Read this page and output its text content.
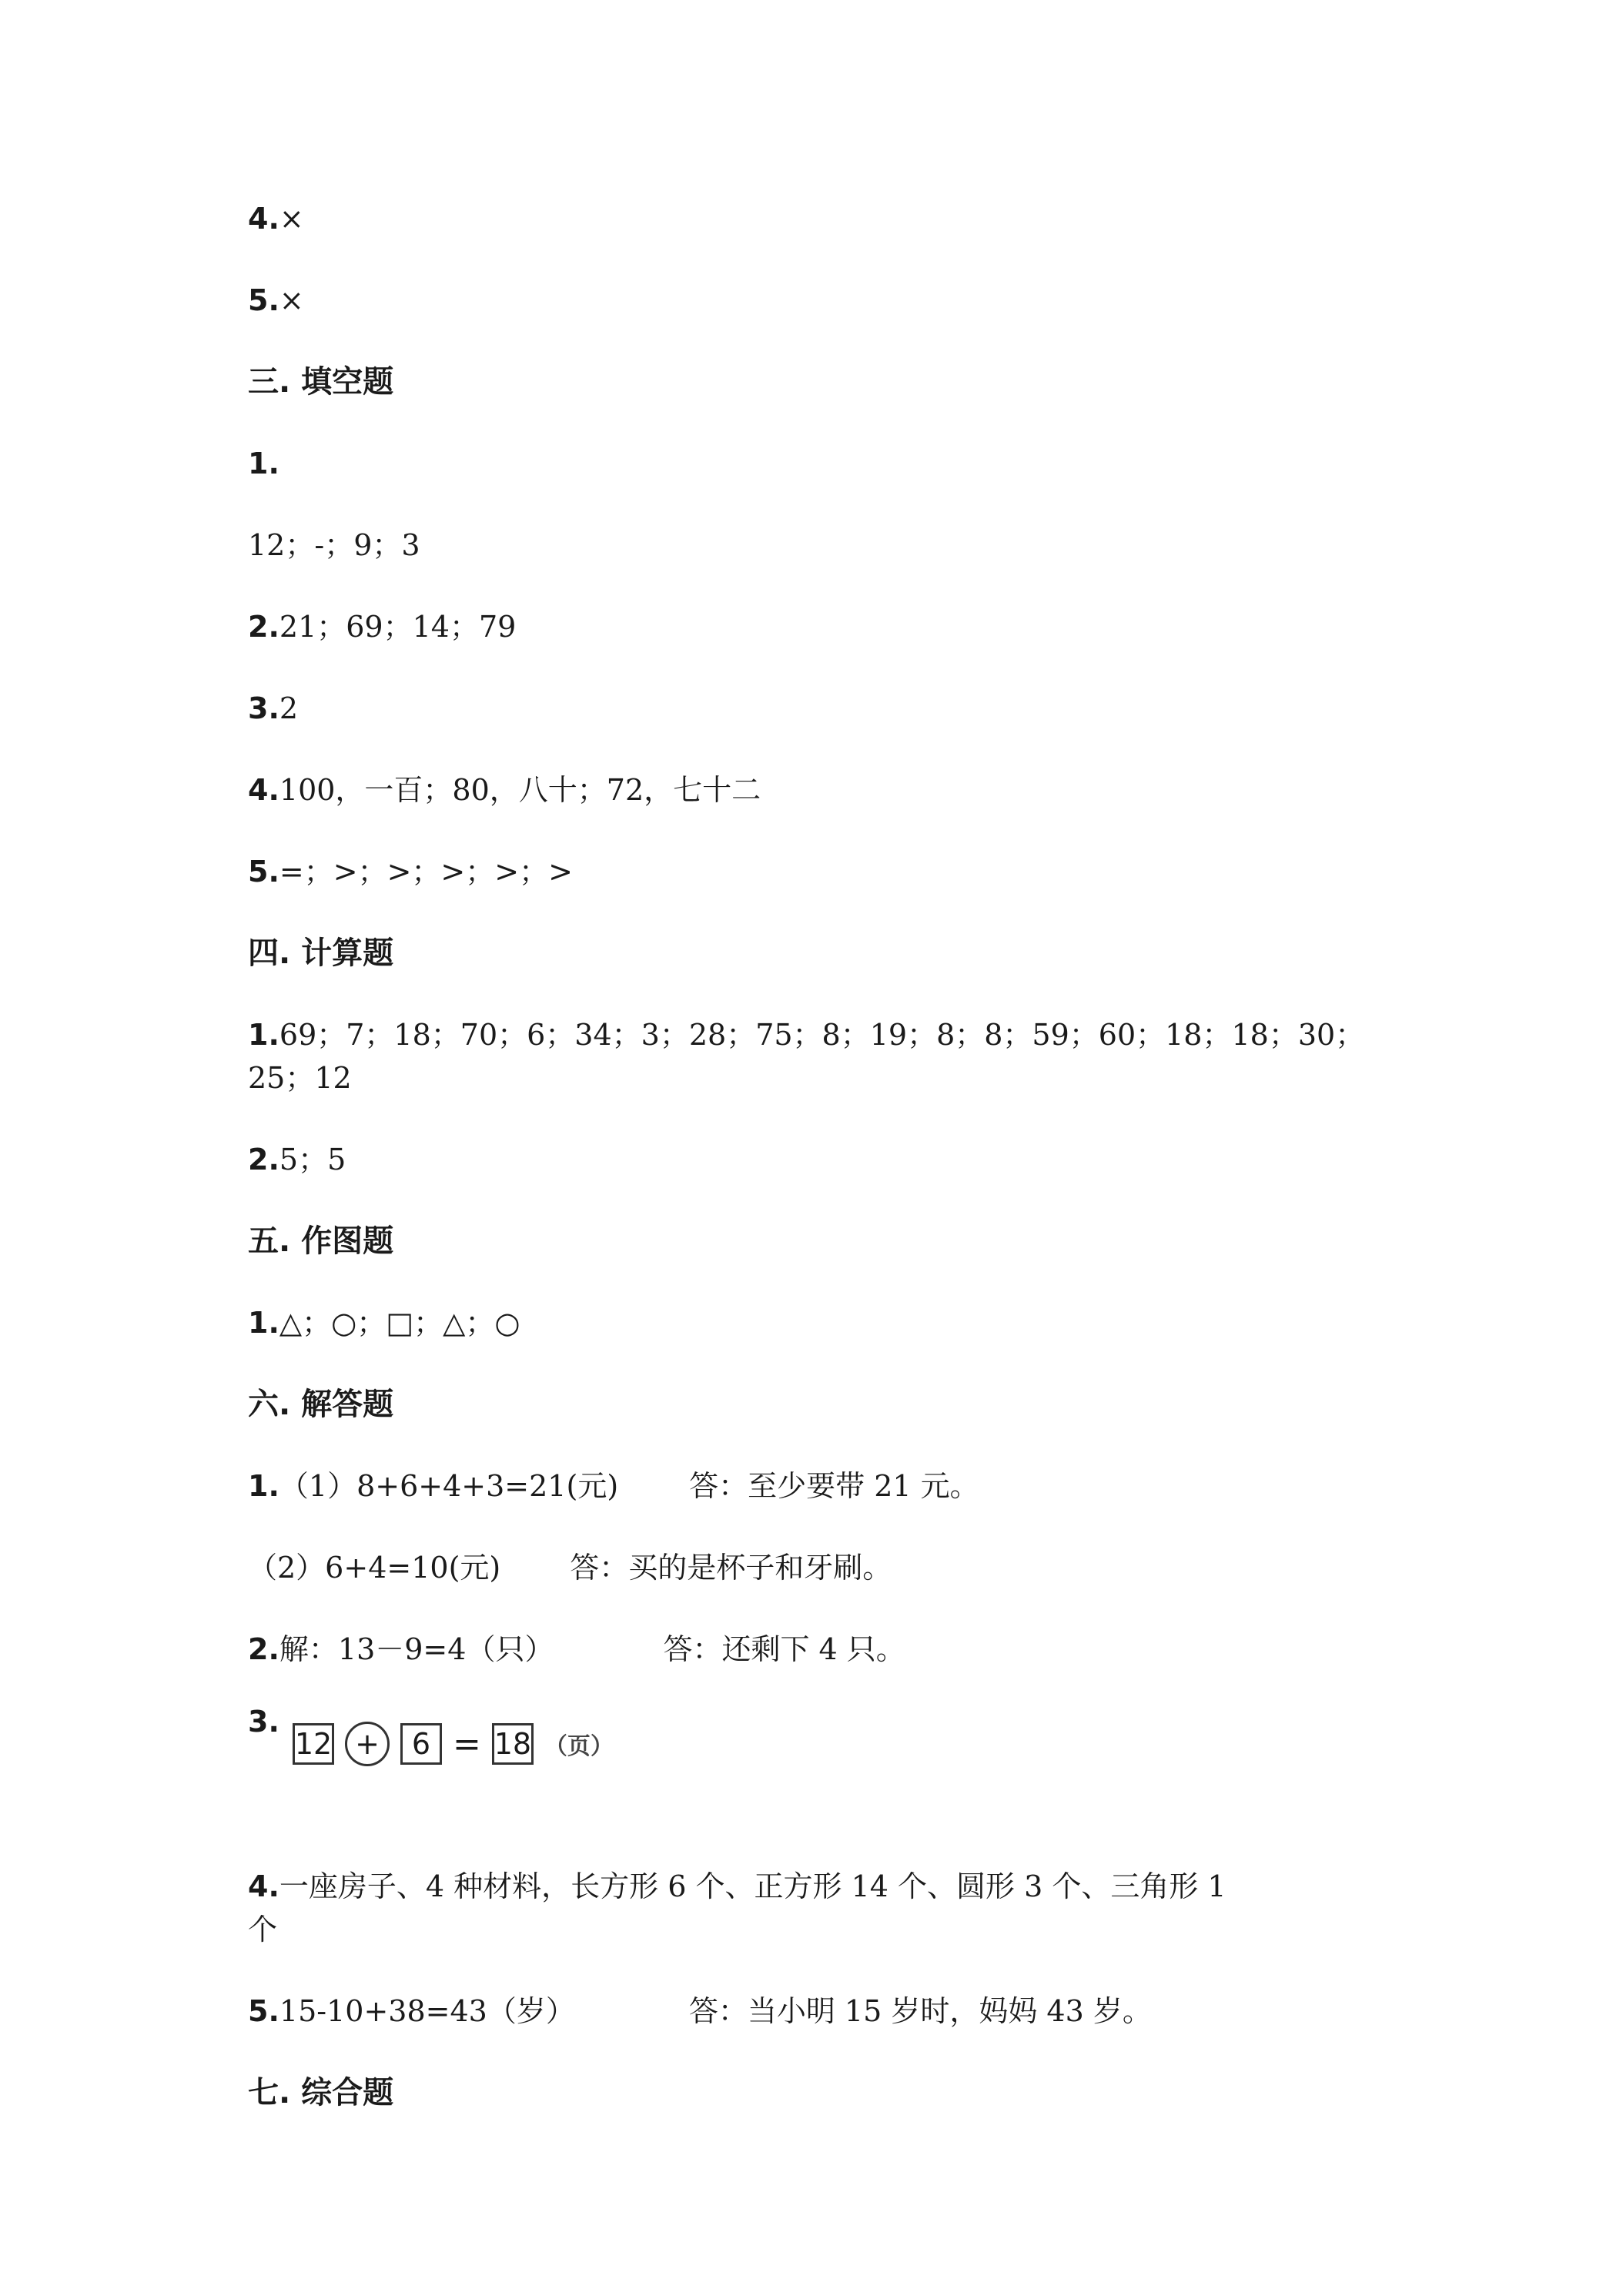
4.×
5.×
三. 填空题
1.
12；-；9；3
2.21；69；14；79
3.2
4.100，一百；80，八十；72，七十二
5.=；>；>；>；>；>
四. 计算题
1.69；7；18；70；6；34；3；28；75；8；19；8；8；59；60；18；18；30；
25；12
2.5；5
五. 作图题
1.△；○；□；△；○
六. 解答题
1.（1）8+6+4+3=21(元) 答：至少要带 21 元。
（2）6+4=10(元) 答：买的是杯子和牙刷。
2.解：13－9=4（只）	答：还剩下 4 只。
3.
12 +	6 = 18 （页）
4.一座房子、4 种材料，长方形 6 个、正方形 14 个、圆形 3 个、三角形 1
个
5.15-10+38=43（岁）	答：当小明 15 岁时，妈妈 43 岁。
七. 综合题
